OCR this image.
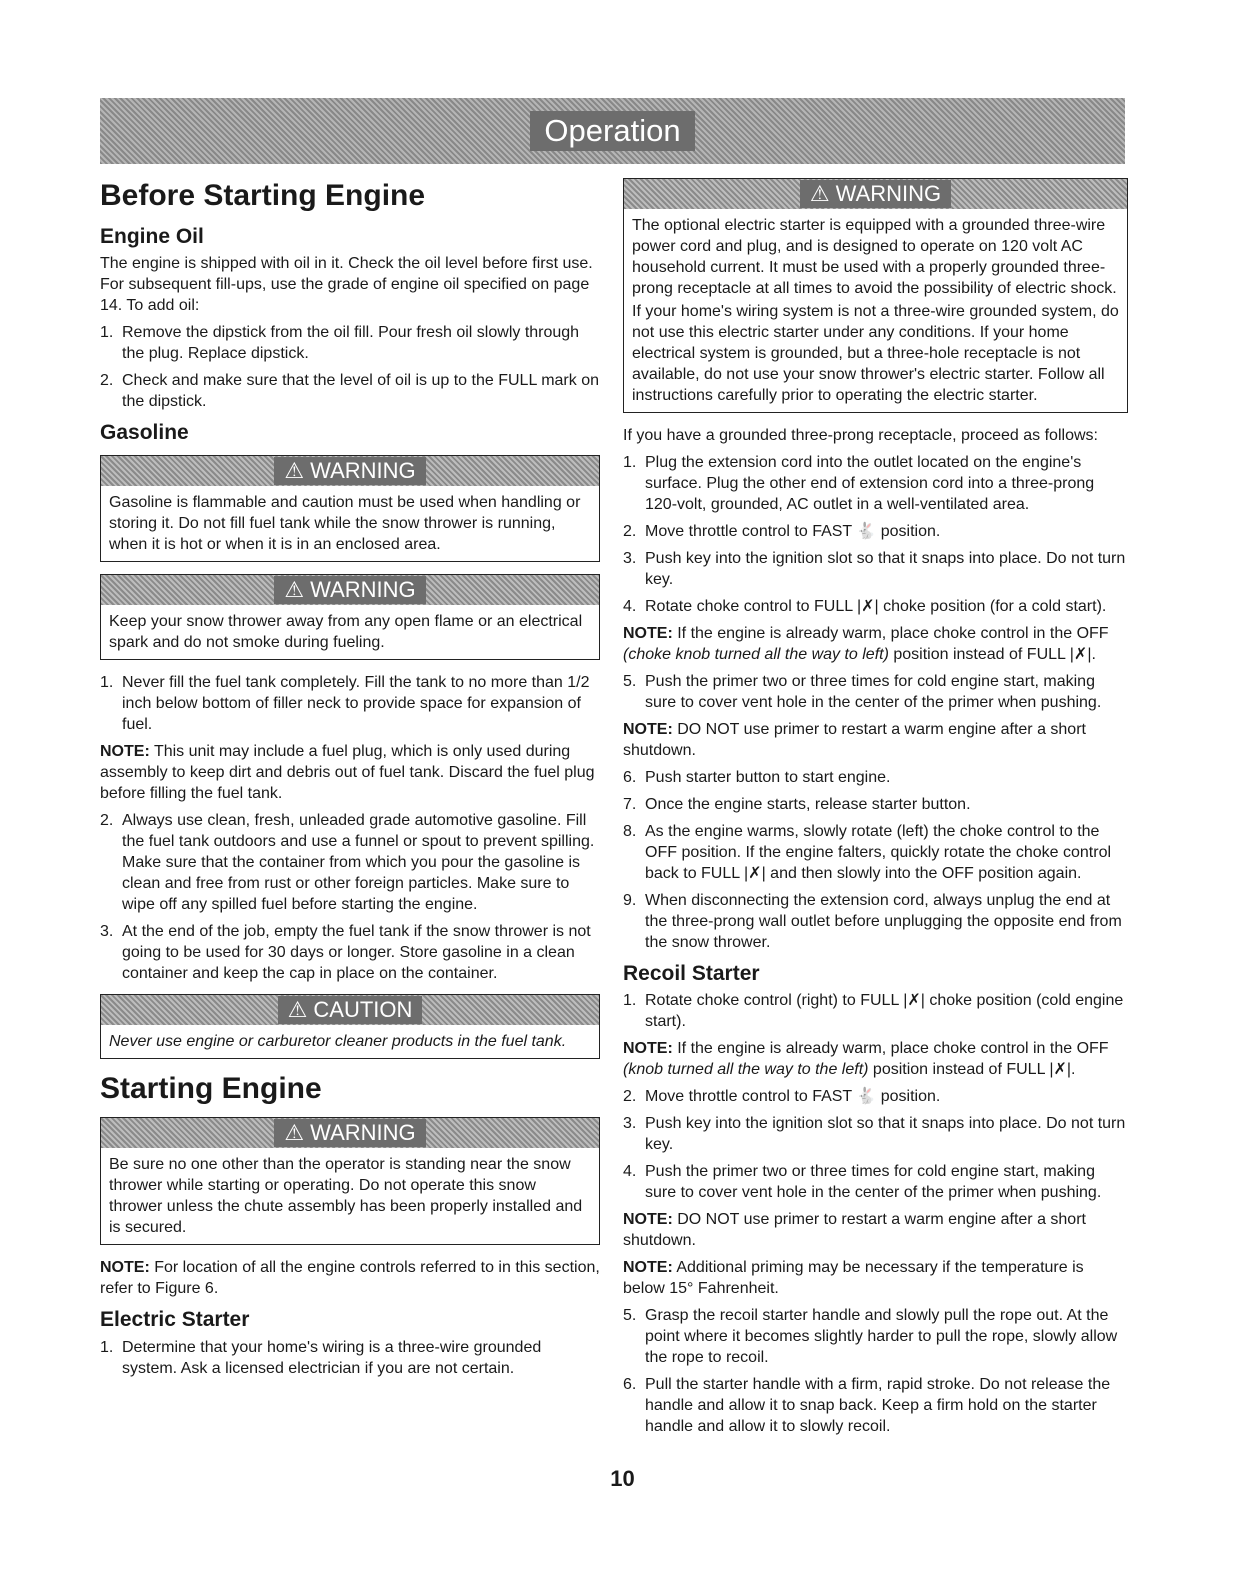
Operation
Before Starting Engine
Engine Oil

The engine is shipped with oil in it. Check the oil level before first use. For subsequent fill-ups, use the grade of engine oil specified on page 14. To add oil:

1. Remove the dipstick from the oil fill. Pour fresh oil slowly through the plug. Replace dipstick.
2. Check and make sure that the level of oil is up to the FULL mark on the dipstick.
Gasoline
⚠ WARNING

Gasoline is flammable and caution must be used when handling or storing it. Do not fill fuel tank while the snow thrower is running, when it is hot or when it is in an enclosed area.

⚠ WARNING

Keep your snow thrower away from any open flame or an electrical spark and do not smoke during fueling.

1. Never fill the fuel tank completely. Fill the tank to no more than 1/2 inch below bottom of filler neck to provide space for expansion of fuel.

NOTE: This unit may include a fuel plug, which is only used during assembly to keep dirt and debris out of fuel tank. Discard the fuel plug before filling the fuel tank.

2. Always use clean, fresh, unleaded grade automotive gasoline. Fill the fuel tank outdoors and use a funnel or spout to prevent spilling. Make sure that the container from which you pour the gasoline is clean and free from rust or other foreign particles. Make sure to wipe off any spilled fuel before starting the engine.
3. At the end of the job, empty the fuel tank if the snow thrower is not going to be used for 30 days or longer. Store gasoline in a clean container and keep the cap in place on the container.
⚠ CAUTION

Never use engine or carburetor cleaner products in the fuel tank.

Starting Engine
⚠ WARNING

Be sure no one other than the operator is standing near the snow thrower while starting or operating. Do not operate this snow thrower unless the chute assembly has been properly installed and is secured.

NOTE: For location of all the engine controls referred to in this section, refer to Figure 6.

Electric Starter
1. Determine that your home's wiring is a three-wire grounded system. Ask a licensed electrician if you are not certain.
⚠ WARNING

The optional electric starter is equipped with a grounded three-wire power cord and plug, and is designed to operate on 120 volt AC household current. It must be used with a properly grounded three-prong receptacle at all times to avoid the possibility of electric shock.

If your home's wiring system is not a three-wire grounded system, do not use this electric starter under any conditions. If your home electrical system is grounded, but a three-hole receptacle is not available, do not use your snow thrower's electric starter. Follow all instructions carefully prior to operating the electric starter.

If you have a grounded three-prong receptacle, proceed as follows:

1. Plug the extension cord into the outlet located on the engine's surface. Plug the other end of extension cord into a three-prong 120-volt, grounded, AC outlet in a well-ventilated area.
2. Move throttle control to FAST 🐇 position.
3. Push key into the ignition slot so that it snaps into place. Do not turn key.
4. Rotate choke control to FULL |✗| choke position (for a cold start).

NOTE: If the engine is already warm, place choke control in the OFF (choke knob turned all the way to left) position instead of FULL |✗|.

5. Push the primer two or three times for cold engine start, making sure to cover vent hole in the center of the primer when pushing.

NOTE: DO NOT use primer to restart a warm engine after a short shutdown.

6. Push starter button to start engine.
7. Once the engine starts, release starter button.
8. As the engine warms, slowly rotate (left) the choke control to the OFF position. If the engine falters, quickly rotate the choke control back to FULL |✗| and then slowly into the OFF position again.
9. When disconnecting the extension cord, always unplug the end at the three-prong wall outlet before unplugging the opposite end from the snow thrower.
Recoil Starter
1. Rotate choke control (right) to FULL |✗| choke position (cold engine start).

NOTE: If the engine is already warm, place choke control in the OFF (knob turned all the way to the left) position instead of FULL |✗|.

2. Move throttle control to FAST 🐇 position.
3. Push key into the ignition slot so that it snaps into place. Do not turn key.
4. Push the primer two or three times for cold engine start, making sure to cover vent hole in the center of the primer when pushing.

NOTE: DO NOT use primer to restart a warm engine after a short shutdown.

NOTE: Additional priming may be necessary if the temperature is below 15° Fahrenheit.

5. Grasp the recoil starter handle and slowly pull the rope out. At the point where it becomes slightly harder to pull the rope, slowly allow the rope to recoil.
6. Pull the starter handle with a firm, rapid stroke. Do not release the handle and allow it to snap back. Keep a firm hold on the starter handle and allow it to slowly recoil.
10
